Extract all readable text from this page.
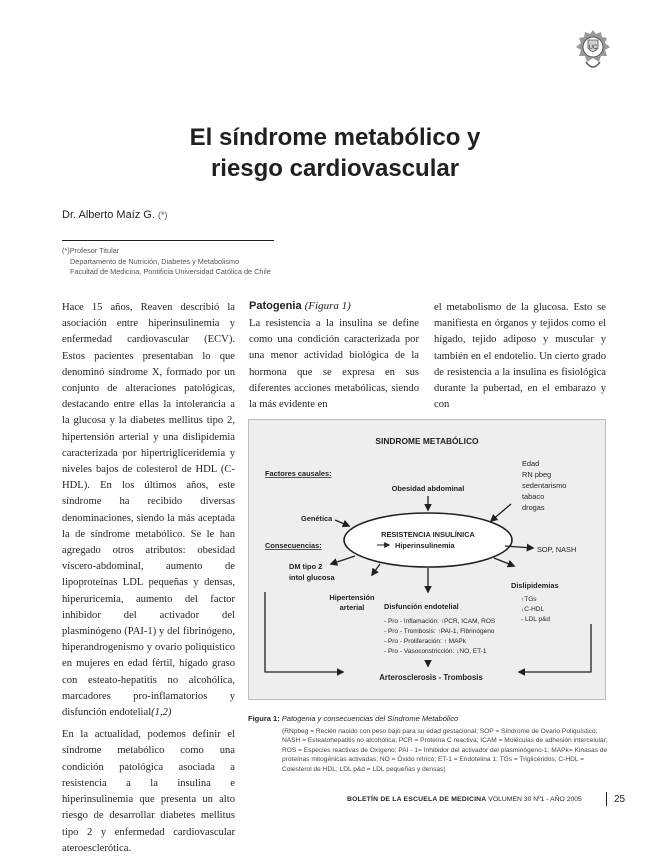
UC
El síndrome metabólico y
riesgo cardiovascular
Dr. Alberto Maíz G. (*)
(*)Profesor Titular
Departamento de Nutrición, Diabetes y Metabolismo
Facultad de Medicina, Pontificia Universidad Católica de Chile

Hace 15 años, Reaven describió la asociación entre hiperinsulinemia y enfermedad cardiovascular (ECV). Estos pacientes presentaban lo que denominó síndrome X, formado por un conjunto de alteraciones patológicas, destacando entre ellas la intolerancia a la glucosa y la diabetes mellitus tipo 2, hipertensión arterial y una dislipidemia caracterizada por hipertrigliceridemia y niveles bajos de colesterol de HDL (C-HDL). En los últimos años, este síndrome ha recibido diversas denominaciones, siendo la más aceptada la de síndrome metabólico. Se le han agregado otros atributos: obesidad víscero-abdominal, aumento de lipoproteínas LDL pequeñas y densas, hiperuricemia, aumento del factor inhibidor del activador del plasminógeno (PAI-1) y del fibrinógeno, hiperandrogenismo y ovario poliquístico en mujeres en edad fértil, hígado graso con esteato-hepatitis no alcohólica, marcadores pro-inflamatorios y disfunción endotelial(1,2)

En la actualidad, podemos definir el síndrome metabólico como una condición patológica asociada a resistencia a la insulina e hiperinsulinemia que presenta un alto riesgo de desarrollar diabetes mellitus tipo 2 y enfermedad cardiovascular ateroesclerótica.

Patogenia (Figura 1)

La resistencia a la insulina se define como una condición caracterizada por una menor actividad biológica de la hormona que se expresa en sus diferentes acciones metabólicas, siendo la más evidente en

el metabolismo de la glucosa. Esto se manifiesta en órganos y tejidos como el hígado, tejido adiposo y muscular y también en el endotelio. Un cierto grado de resistencia a la insulina es fisiológica durante la pubertad, en el embarazo y con

SINDROME METABÓLICO
Factores causales:
Consecuencias:
Edad
RN pbeg
sedentarismo
tabaco
drogas
Obesidad abdominal
Genética
RESISTENCIA INSULÍNICA
Hiperinsulinemia	SOP, NASH
DM tipo 2
intol glucosa
Hipertensión
arterial	Disfunción endotelial
- Pro - Inflamación: ↑PCR, ICAM, ROS
- Pro - Trombosis: ↑PAI-1, Fibrinógeno
- Pro - Proliferación: ↑ MAPk
- Pro - Vasoconstricción: ↓NO, ET-1
Dislipidemias
↑TGs
↓C-HDL
- LDL p&d
Arterosclerosis - Trombosis
Figura 1: Patogenia y consecuencias del Síndrome Metabólico
(RNpbeg = Recién nacido con peso bajo para su edad gestacional; SOP = Síndrome de Ovario Poliquístico; NASH = Esteatohepatitis no alcohólica; PCR = Proteína C reactiva; ICAM = Moléculas de adhesión intercelular; ROS = Especies reactivas de Oxígeno; PAI - 1= Inhibidor del activador del plasminógeno-1; MAPk= Kinasas de proteínas mitogénicas activadas; NO = Óxido nítrico; ET-1 = Endotelina 1; TGs = Triglicéridos; C-HDL = Colesterol de HDL; LDL p&d = LDL pequeñas y densas)
BOLETÍN DE LA ESCUELA DE MEDICINA VOLUMEN 30 Nº1 - AÑO 2005	25
